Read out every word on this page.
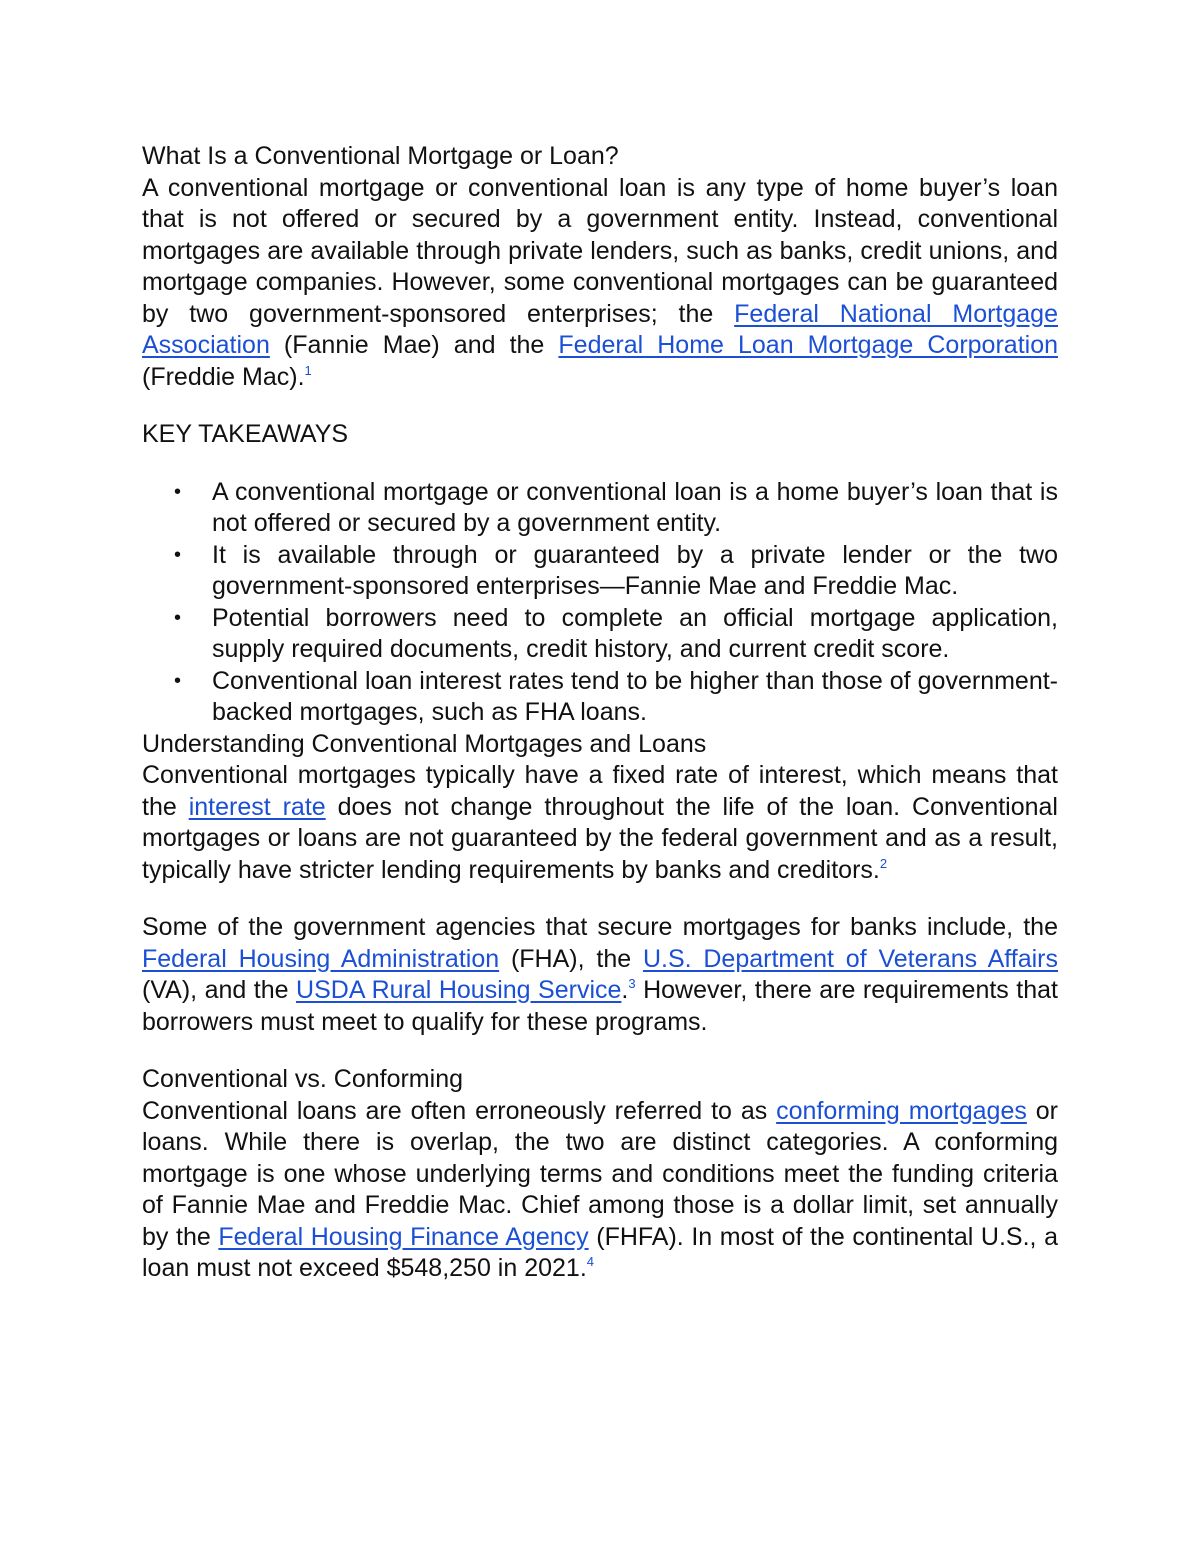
What Is a Conventional Mortgage or Loan?

A conventional mortgage or conventional loan is any type of home buyer’s loan that is not offered or secured by a government entity. Instead, conventional mortgages are available through private lenders, such as banks, credit unions, and mortgage companies. However, some conventional mortgages can be guaranteed by two government-sponsored enterprises; the Federal National Mortgage Association (Fannie Mae) and the Federal Home Loan Mortgage Corporation (Freddie Mac).$^1$

KEY TAKEAWAYS
• A conventional mortgage or conventional loan is a home buyer’s loan that is not offered or secured by a government entity.
• It is available through or guaranteed by a private lender or the two government-sponsored enterprises—Fannie Mae and Freddie Mac.
• Potential borrowers need to complete an official mortgage application, supply required documents, credit history, and current credit score.
• Conventional loan interest rates tend to be higher than those of government-backed mortgages, such as FHA loans.
Understanding Conventional Mortgages and Loans

Conventional mortgages typically have a fixed rate of interest, which means that the interest rate does not change throughout the life of the loan. Conventional mortgages or loans are not guaranteed by the federal government and as a result, typically have stricter lending requirements by banks and creditors.$^2$

Some of the government agencies that secure mortgages for banks include, the Federal Housing Administration (FHA), the U.S. Department of Veterans Affairs (VA), and the USDA Rural Housing Service.$^3$ However, there are requirements that borrowers must meet to qualify for these programs.

Conventional vs. Conforming

Conventional loans are often erroneously referred to as conforming mortgages or loans. While there is overlap, the two are distinct categories. A conforming mortgage is one whose underlying terms and conditions meet the funding criteria of Fannie Mae and Freddie Mac. Chief among those is a dollar limit, set annually by the Federal Housing Finance Agency (FHFA). In most of the continental U.S., a loan must not exceed $548,250 in 2021.$^4$
